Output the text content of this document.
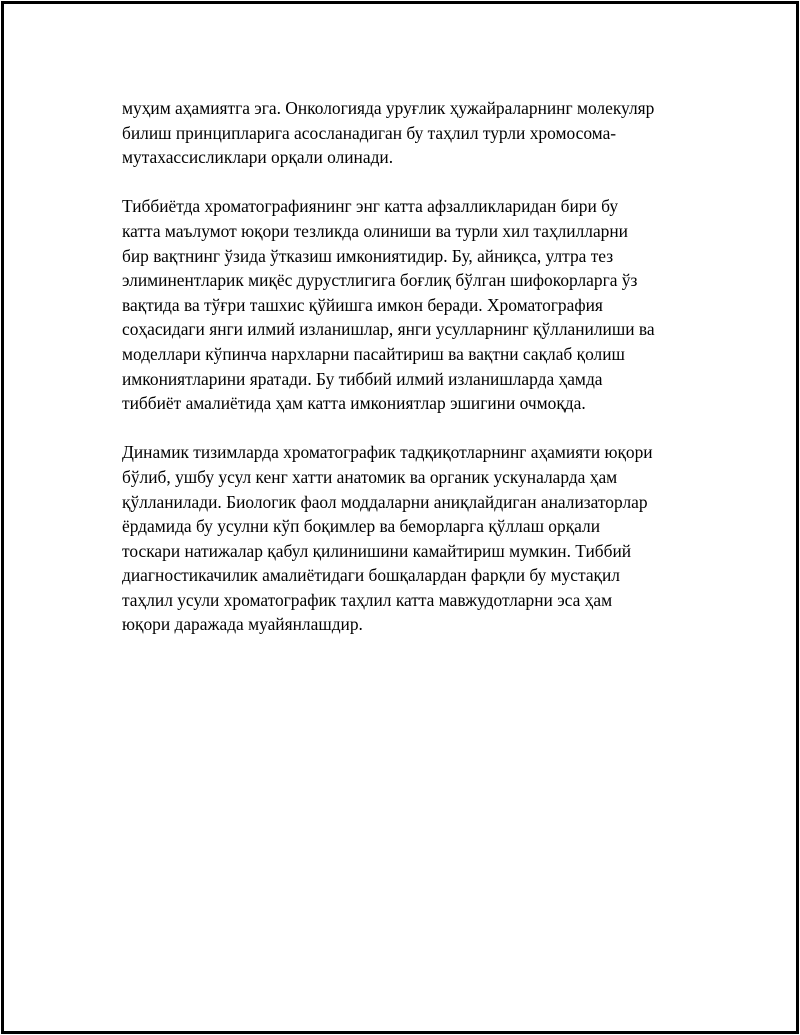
муҳим аҳамиятга эга. Онкологияда уруғлик ҳужайраларнинг молекуляр
билиш принципларига асосланадиган бу таҳлил турли хромосома-
мутахассисликлари орқали олинади.

Тиббиётда хроматографиянинг энг катта афзалликларидан бири бу
катта маълумот юқори тезликда олиниши ва турли хил таҳлилларни
бир вақтнинг ўзида ўтказиш имкониятидир. Бу, айниқса, ултра тез
элиминентларик миқёс дурустлигига боғлиқ бўлган шифокорларга ўз
вақтида ва тўғри ташхис қўйишга имкон беради. Хроматография
соҳасидаги янги илмий изланишлар, янги усулларнинг қўлланилиши ва
моделлари кўпинча нархларни пасайтириш ва вақтни сақлаб қолиш
имкониятларини яратади. Бу тиббий илмий изланишларда ҳамда
тиббиёт амалиётида ҳам катта имкониятлар эшигини очмоқда.

Динамик тизимларда хроматографик тадқиқотларнинг аҳамияти юқори
бўлиб, ушбу усул кенг хатти анатомик ва органик ускуналарда ҳам
қўлланилади. Биологик фаол моддаларни аниқлайдиган анализаторлар
ёрдамида бу усулни кўп боқимлер ва беморларга қўллаш орқали
тоскари натижалар қабул қилинишини камайтириш мумкин. Тиббий
диагностикачилик амалиётидаги бошқалардан фарқли бу мустақил
таҳлил усули хроматографик таҳлил катта мавжудотларни эса ҳам
юқори даражада муайянлашдир.
